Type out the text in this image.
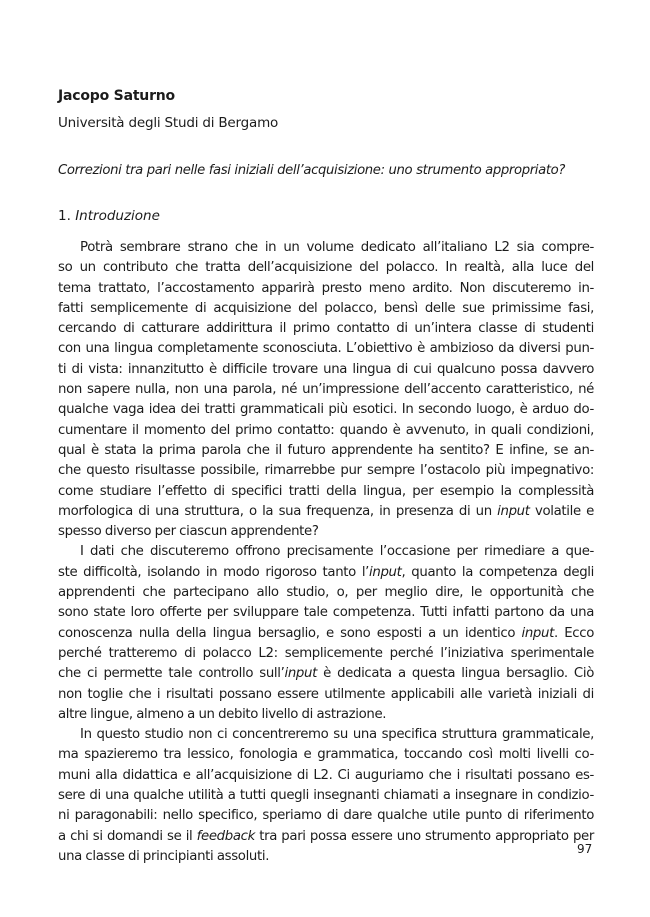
Jacopo Saturno
Università degli Studi di Bergamo
Correzioni tra pari nelle fasi iniziali dell’acquisizione: uno strumento appropriato?
1. Introduzione
Potrà sembrare strano che in un volume dedicato all’italiano L2 sia compre-
so un contributo che tratta dell’acquisizione del polacco. In realtà, alla luce del
tema trattato, l’accostamento apparirà presto meno ardito. Non discuteremo in-
fatti semplicemente di acquisizione del polacco, bensì delle sue primissime fasi,
cercando di catturare addirittura il primo contatto di un’intera classe di studenti
con una lingua completamente sconosciuta. L’obiettivo è ambizioso da diversi pun-
ti di vista: innanzitutto è difficile trovare una lingua di cui qualcuno possa davvero
non sapere nulla, non una parola, né un’impressione dell’accento caratteristico, né
qualche vaga idea dei tratti grammaticali più esotici. In secondo luogo, è arduo do-
cumentare il momento del primo contatto: quando è avvenuto, in quali condizioni,
qual è stata la prima parola che il futuro apprendente ha sentito? E infine, se an-
che questo risultasse possibile, rimarrebbe pur sempre l’ostacolo più impegnativo:
come studiare l’effetto di specifici tratti della lingua, per esempio la complessità
morfologica di una struttura, o la sua frequenza, in presenza di un input volatile e
spesso diverso per ciascun apprendente?
I dati che discuteremo offrono precisamente l’occasione per rimediare a que-
ste difficoltà, isolando in modo rigoroso tanto l’input, quanto la competenza degli
apprendenti che partecipano allo studio, o, per meglio dire, le opportunità che
sono state loro offerte per sviluppare tale competenza. Tutti infatti partono da una
conoscenza nulla della lingua bersaglio, e sono esposti a un identico input. Ecco
perché tratteremo di polacco L2: semplicemente perché l’iniziativa sperimentale
che ci permette tale controllo sull’input è dedicata a questa lingua bersaglio. Ciò
non toglie che i risultati possano essere utilmente applicabili alle varietà iniziali di
altre lingue, almeno a un debito livello di astrazione.
In questo studio non ci concentreremo su una specifica struttura grammaticale,
ma spazieremo tra lessico, fonologia e grammatica, toccando così molti livelli co-
muni alla didattica e all’acquisizione di L2. Ci auguriamo che i risultati possano es-
sere di una qualche utilità a tutti quegli insegnanti chiamati a insegnare in condizio-
ni paragonabili: nello specifico, speriamo di dare qualche utile punto di riferimento
a chi si domandi se il feedback tra pari possa essere uno strumento appropriato per
una classe di principianti assoluti.	97
